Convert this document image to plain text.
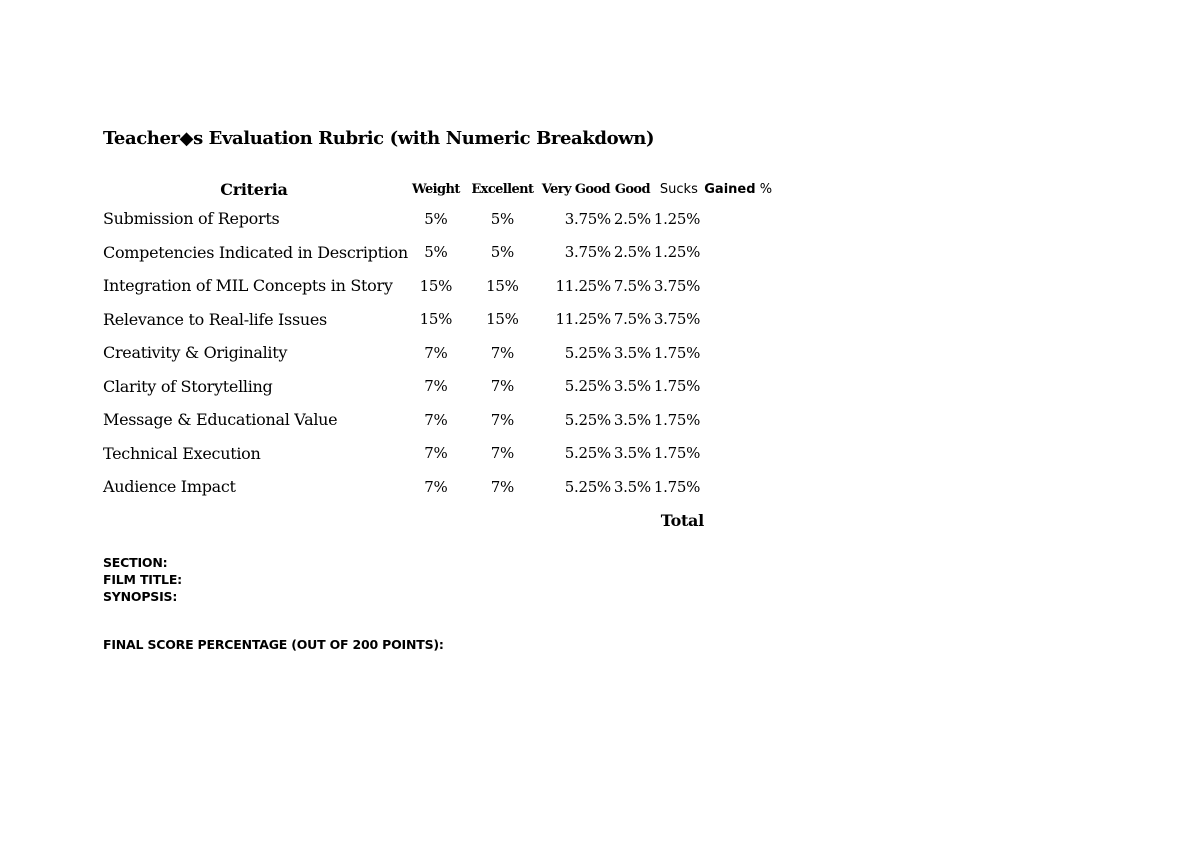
Teacher◆s Evaluation Rubric (with Numeric Breakdown)
Criteria	Weight	Excellent	Very Good	Good	Sucks	Gained	%
Submission of Reports	5%	5%	3.75%	2.5%	1.25%		
Competencies Indicated in Description	5%	5%	3.75%	2.5%	1.25%		
Integration of MIL Concepts in Story	15%	15%	11.25%	7.5%	3.75%		
Relevance to Real-life Issues	15%	15%	11.25%	7.5%	3.75%		
Creativity & Originality	7%	7%	5.25%	3.5%	1.75%		
Clarity of Storytelling	7%	7%	5.25%	3.5%	1.75%		
Message & Educational Value	7%	7%	5.25%	3.5%	1.75%		
Technical Execution	7%	7%	5.25%	3.5%	1.75%		
Audience Impact	7%	7%	5.25%	3.5%	1.75%		
					Total		
SECTION:
FILM TITLE:
SYNOPSIS:
FINAL SCORE PERCENTAGE (OUT OF 200 POINTS):
